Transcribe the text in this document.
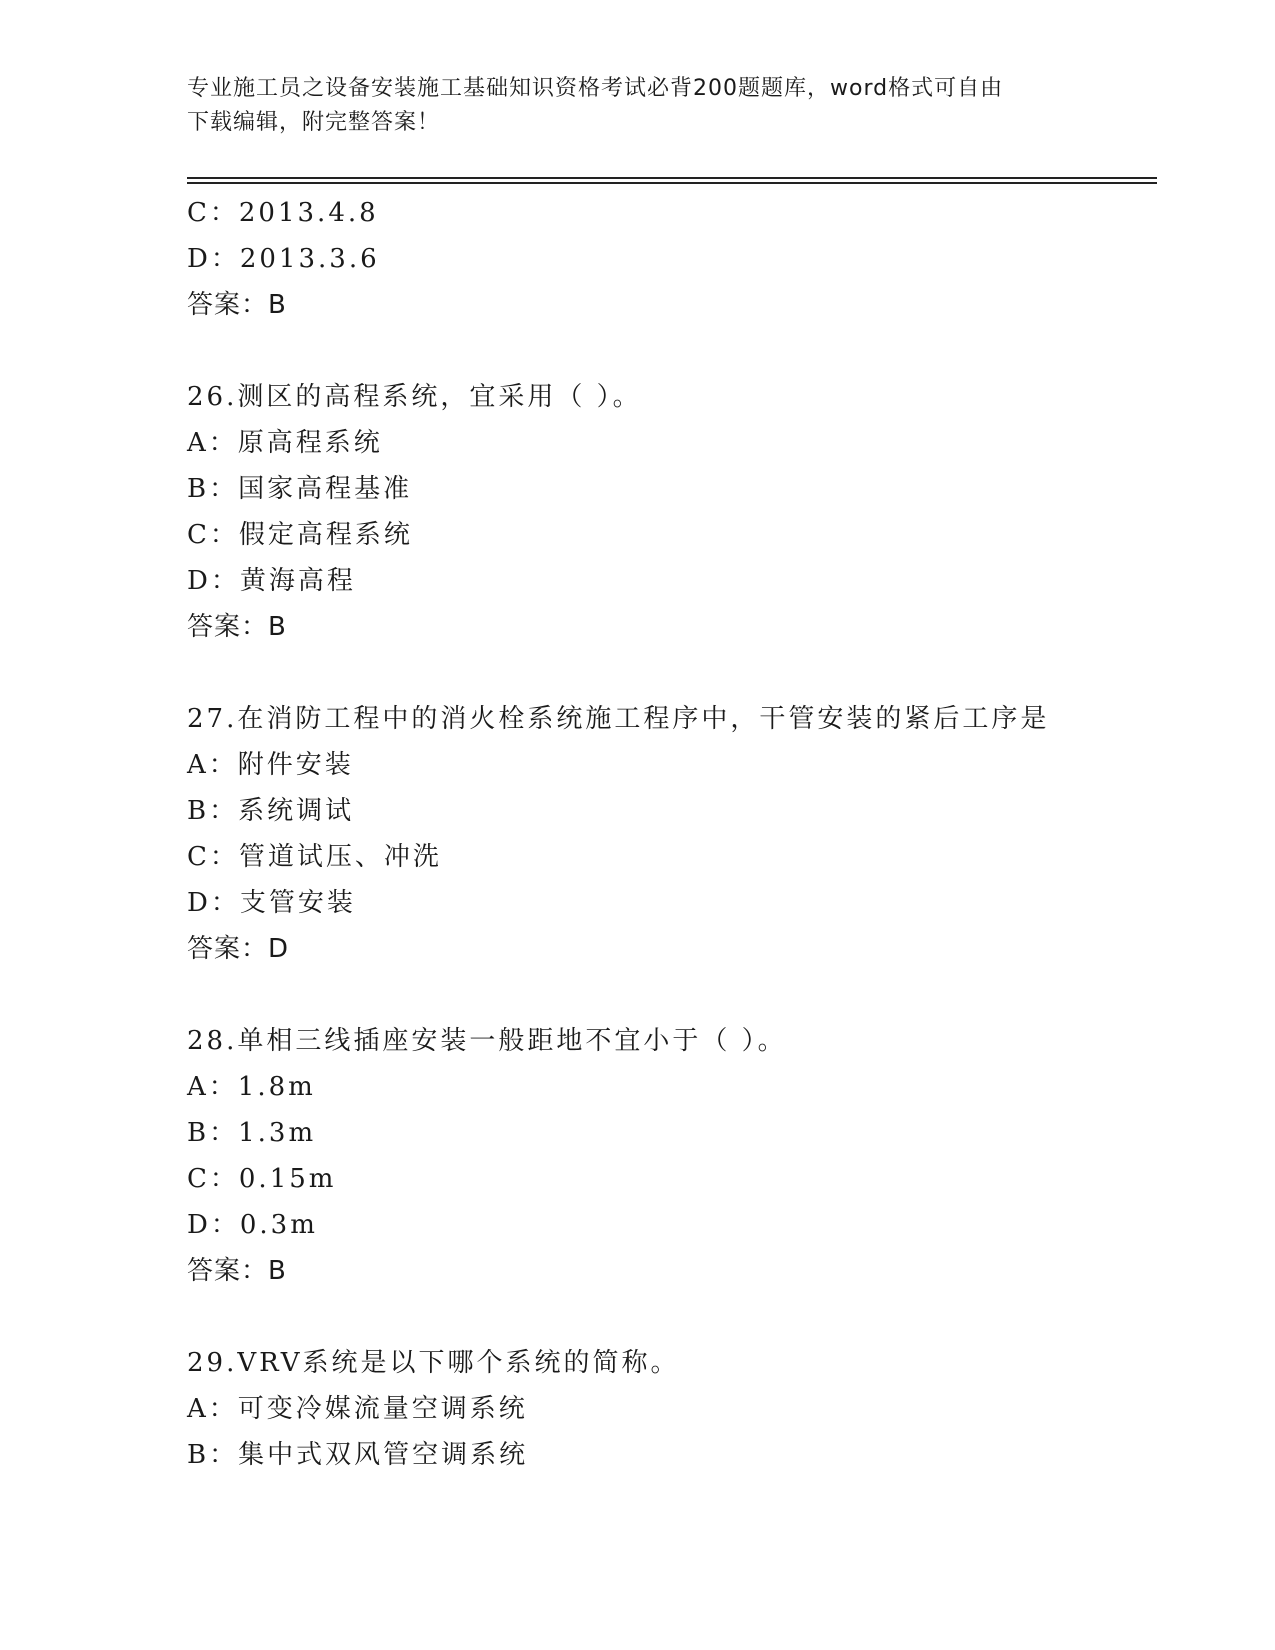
专业施工员之设备安装施工基础知识资格考试必背200题题库，word格式可自由
下载编辑，附完整答案！
C：2013.4.8
D：2013.3.6
答案：B
26.测区的高程系统，宜采用（ ）。
A：原高程系统
B：国家高程基准
C：假定高程系统
D：黄海高程
答案：B
27.在消防工程中的消火栓系统施工程序中，干管安装的紧后工序是
A：附件安装
B：系统调试
C：管道试压、冲洗
D：支管安装
答案：D
28.单相三线插座安装一般距地不宜小于（ ）。
A：1.8m
B：1.3m
C：0.15m
D：0.3m
答案：B
29.VRV系统是以下哪个系统的简称。
A：可变冷媒流量空调系统
B：集中式双风管空调系统
